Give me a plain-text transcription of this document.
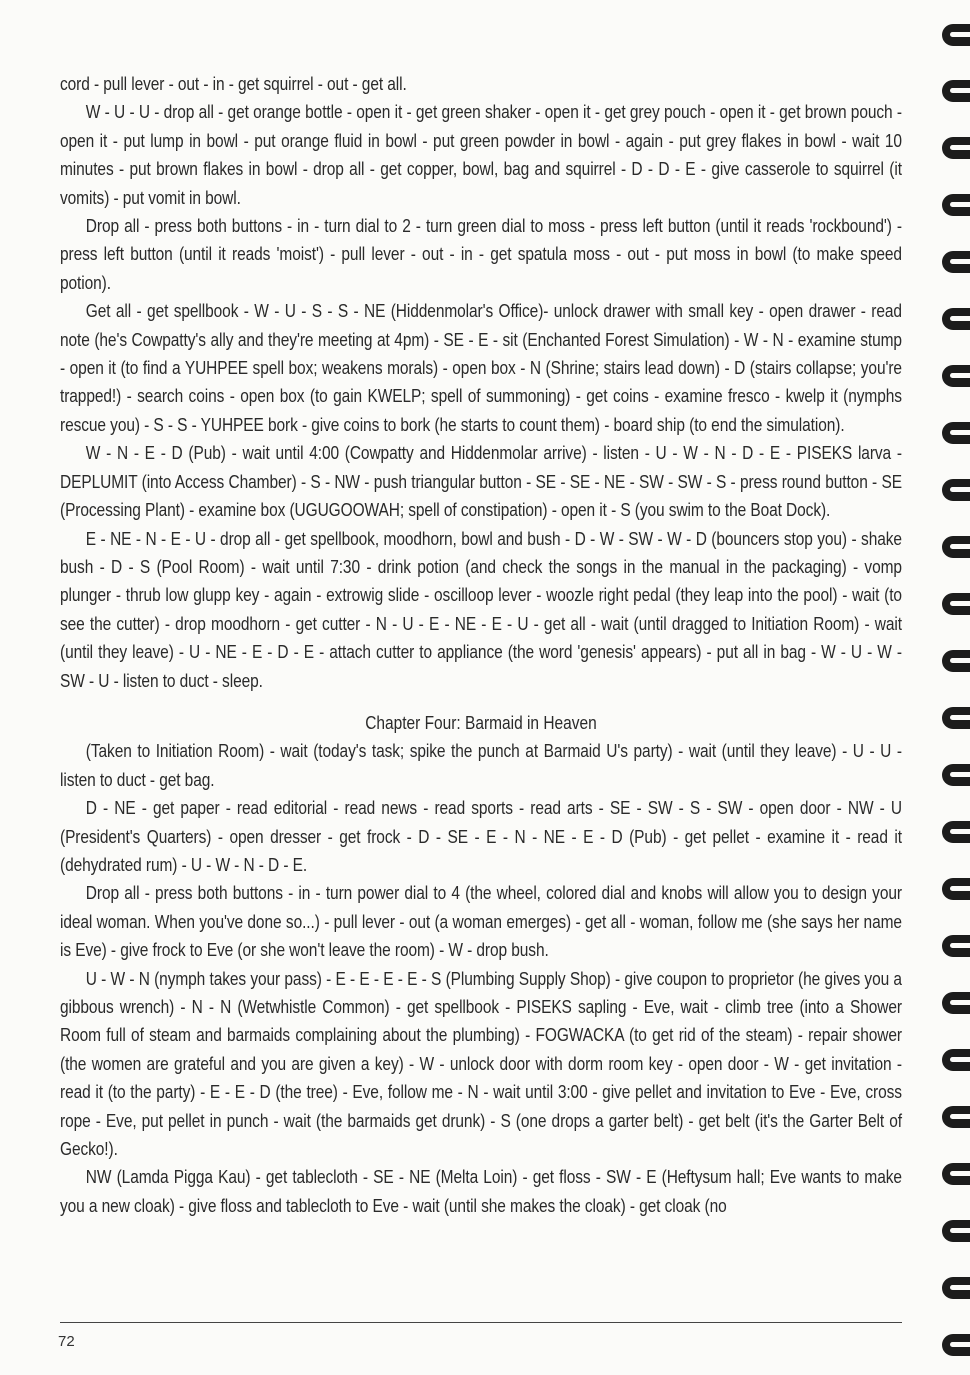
cord - pull lever - out - in - get squirrel - out - get all.

W - U - U - drop all - get orange bottle - open it - get green shaker - open it - get grey pouch - open it - get brown pouch - open it - put lump in bowl - put orange fluid in bowl - put green powder in bowl - again - put grey flakes in bowl - wait 10 minutes - put brown flakes in bowl - drop all - get copper, bowl, bag and squirrel - D - D - E - give casserole to squirrel (it vomits) - put vomit in bowl.

Drop all - press both buttons - in - turn dial to 2 - turn green dial to moss - press left button (until it reads 'rockbound') - press left button (until it reads 'moist') - pull lever - out - in - get spatula moss - out - put moss in bowl (to make speed potion).

Get all - get spellbook - W - U - S - S - NE (Hiddenmolar's Office)- unlock drawer with small key - open drawer - read note (he's Cowpatty's ally and they're meeting at 4pm) - SE - E - sit (Enchanted Forest Simulation) - W - N - examine stump - open it (to find a YUHPEE spell box; weakens morals) - open box - N (Shrine; stairs lead down) - D (stairs collapse; you're trapped!) - search coins - open box (to gain KWELP; spell of summoning) - get coins - examine fresco - kwelp it (nymphs rescue you) - S - S - YUHPEE bork - give coins to bork (he starts to count them) - board ship (to end the simulation).

W - N - E - D (Pub) - wait until 4:00 (Cowpatty and Hiddenmolar arrive) - listen - U - W - N - D - E - PISEKS larva - DEPLUMIT (into Access Chamber) - S - NW - push triangular button - SE - SE - NE - SW - SW - S - press round button - SE (Processing Plant) - examine box (UGUGOOWAH; spell of constipation) - open it - S (you swim to the Boat Dock).

E - NE - N - E - U - drop all - get spellbook, moodhorn, bowl and bush - D - W - SW - W - D (bouncers stop you) - shake bush - D - S (Pool Room) - wait until 7:30 - drink potion (and check the songs in the manual in the packaging) - vomp plunger - thrub low glupp key - again - extrowig slide - oscilloop lever - woozle right pedal (they leap into the pool) - wait (to see the cutter) - drop moodhorn - get cutter - N - U - E - NE - E - U - get all - wait (until dragged to Initiation Room) - wait (until they leave) - U - NE - E - D - E - attach cutter to appliance (the word 'genesis' appears) - put all in bag - W - U - W - SW - U - listen to duct - sleep.

Chapter Four: Barmaid in Heaven

(Taken to Initiation Room) - wait (today's task; spike the punch at Barmaid U's party) - wait (until they leave) - U - U - listen to duct - get bag.

D - NE - get paper - read editorial - read news - read sports - read arts - SE - SW - S - SW - open door - NW - U (President's Quarters) - open dresser - get frock - D - SE - E - N - NE - E - D (Pub) - get pellet - examine it - read it (dehydrated rum) - U - W - N - D - E.

Drop all - press both buttons - in - turn power dial to 4 (the wheel, colored dial and knobs will allow you to design your ideal woman. When you've done so...) - pull lever - out (a woman emerges) - get all - woman, follow me (she says her name is Eve) - give frock to Eve (or she won't leave the room) - W - drop bush.

U - W - N (nymph takes your pass) - E - E - E - E - S (Plumbing Supply Shop) - give coupon to proprietor (he gives you a gibbous wrench) - N - N (Wetwhistle Common) - get spellbook - PISEKS sapling - Eve, wait - climb tree (into a Shower Room full of steam and barmaids complaining about the plumbing) - FOGWACKA (to get rid of the steam) - repair shower (the women are grateful and you are given a key) - W - unlock door with dorm room key - open door - W - get invitation - read it (to the party) - E - E - D (the tree) - Eve, follow me - N - wait until 3:00 - give pellet and invitation to Eve - Eve, cross rope - Eve, put pellet in punch - wait (the barmaids get drunk) - S (one drops a garter belt) - get belt (it's the Garter Belt of Gecko!).

NW (Lamda Pigga Kau) - get tablecloth - SE - NE (Melta Loin) - get floss - SW - E (Heftysum hall; Eve wants to make you a new cloak) - give floss and tablecloth to Eve - wait (until she makes the cloak) - get cloak (no

72
